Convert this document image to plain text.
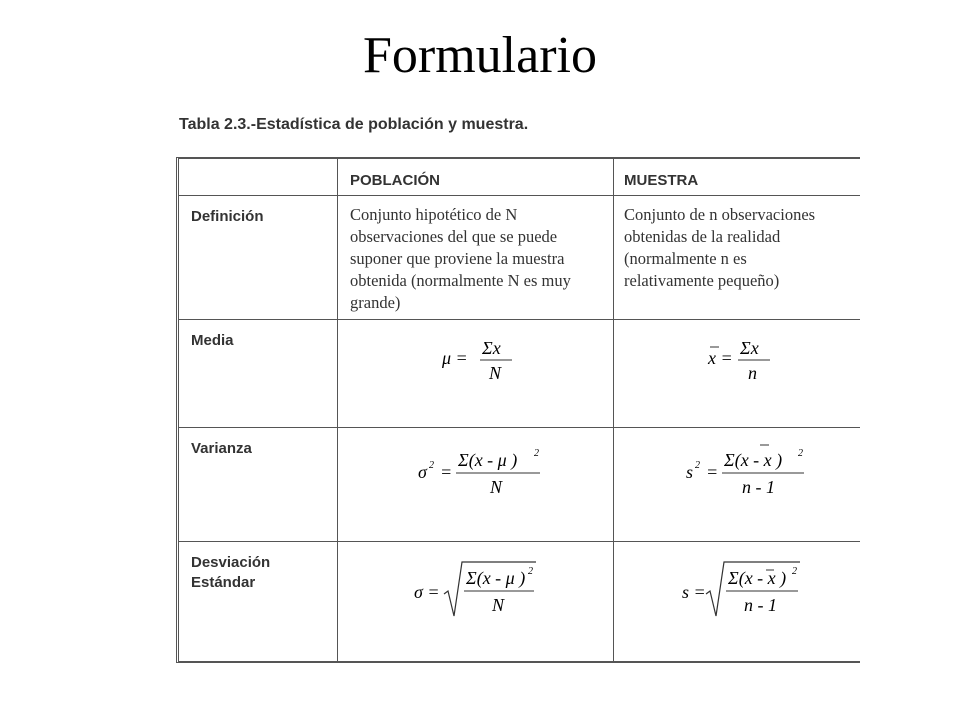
Formulario
Tabla 2.3.-Estadística de población y muestra.
POBLACIÓN	MUESTRA
Definición	Conjunto hipotético de N
observaciones del que se puede
suponer que proviene la muestra
obtenida (normalmente N es muy
grande)
Conjunto de n observaciones
obtenidas de la realidad
(normalmente n es
relativamente pequeño)
Media
Varianza
Desviación
Estándar
μ = Σx
N
x = Σx
n
σ 2 =
Σ(x - μ ) 2
N
s 2 =
Σ(x - x ) 2
n - 1
σ =
Σ(x - μ ) 2
N
s =
Σ(x - x ) 2
n - 1
